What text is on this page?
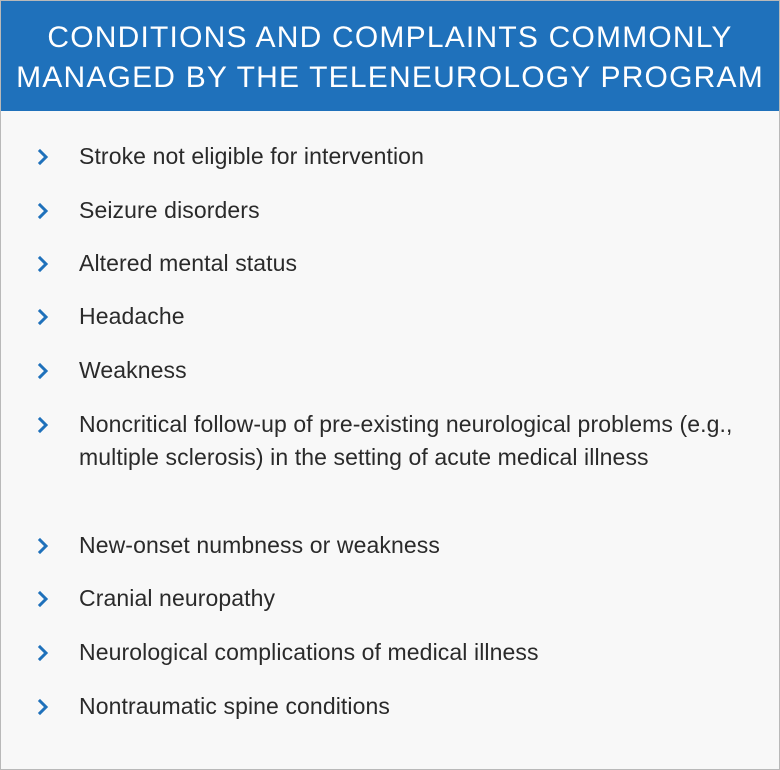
CONDITIONS AND COMPLAINTS COMMONLY
MANAGED BY THE TELENEUROLOGY PROGRAM
Stroke not eligible for intervention
Seizure disorders
Altered mental status
Headache
Weakness
Noncritical follow-up of pre-existing neurological problems (e.g., multiple sclerosis) in the setting of acute medical illness
New-onset numbness or weakness
Cranial neuropathy
Neurological complications of medical illness
Nontraumatic spine conditions
